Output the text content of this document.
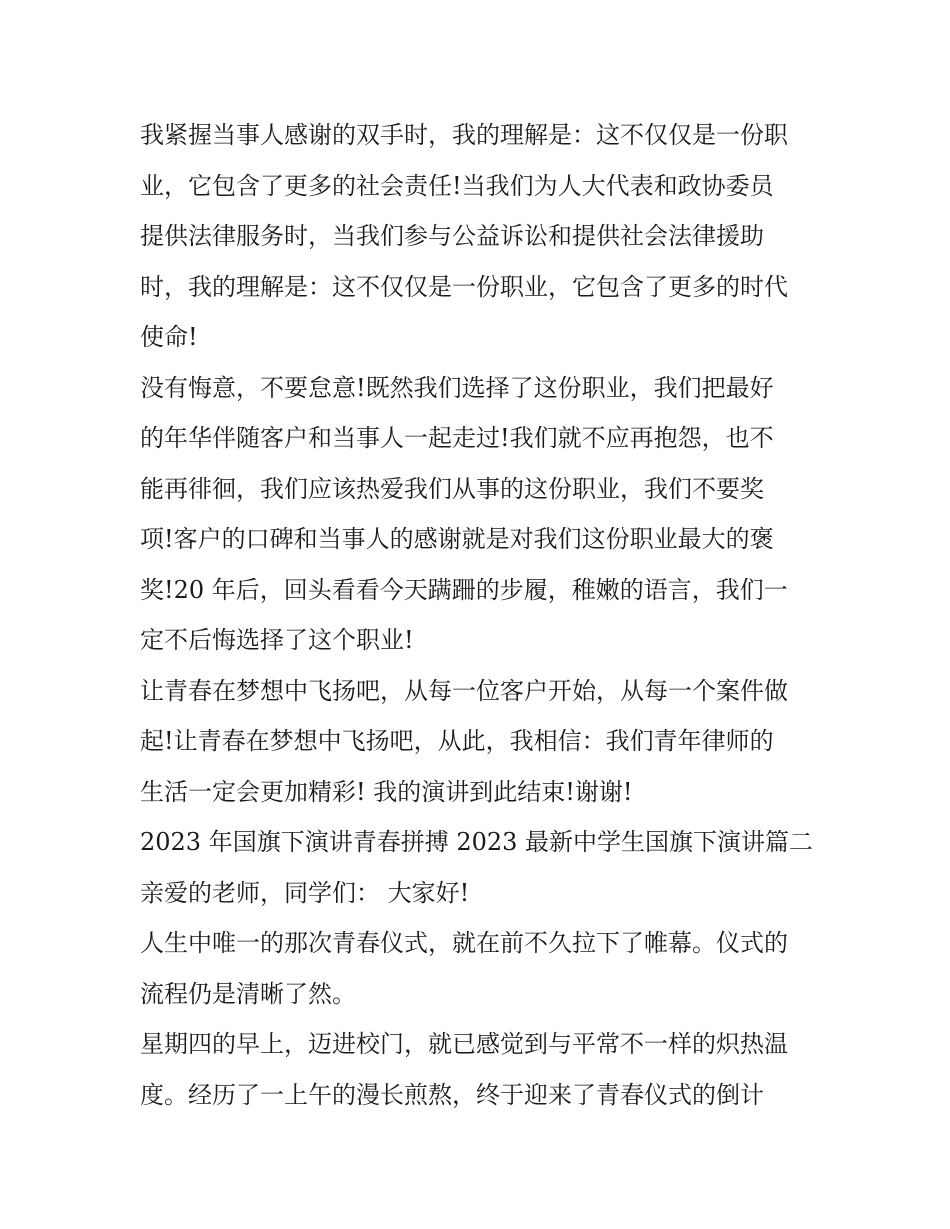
我紧握当事人感谢的双手时，我的理解是：这不仅仅是一份职
业，它包含了更多的社会责任!当我们为人大代表和政协委员
提供法律服务时，当我们参与公益诉讼和提供社会法律援助
时，我的理解是：这不仅仅是一份职业，它包含了更多的时代
使命!
没有悔意，不要怠意!既然我们选择了这份职业，我们把最好
的年华伴随客户和当事人一起走过!我们就不应再抱怨，也不
能再徘徊，我们应该热爱我们从事的这份职业，我们不要奖
项!客户的口碑和当事人的感谢就是对我们这份职业最大的褒
奖!20 年后，回头看看今天蹒跚的步履，稚嫩的语言，我们一
定不后悔选择了这个职业!
让青春在梦想中飞扬吧，从每一位客户开始，从每一个案件做
起!让青春在梦想中飞扬吧，从此，我相信：我们青年律师的
生活一定会更加精彩! 我的演讲到此结束!谢谢!
2023 年国旗下演讲青春拼搏 2023 最新中学生国旗下演讲篇二
亲爱的老师，同学们： 大家好!
人生中唯一的那次青春仪式，就在前不久拉下了帷幕。仪式的
流程仍是清晰了然。
星期四的早上，迈进校门，就已感觉到与平常不一样的炽热温
度。经历了一上午的漫长煎熬，终于迎来了青春仪式的倒计
